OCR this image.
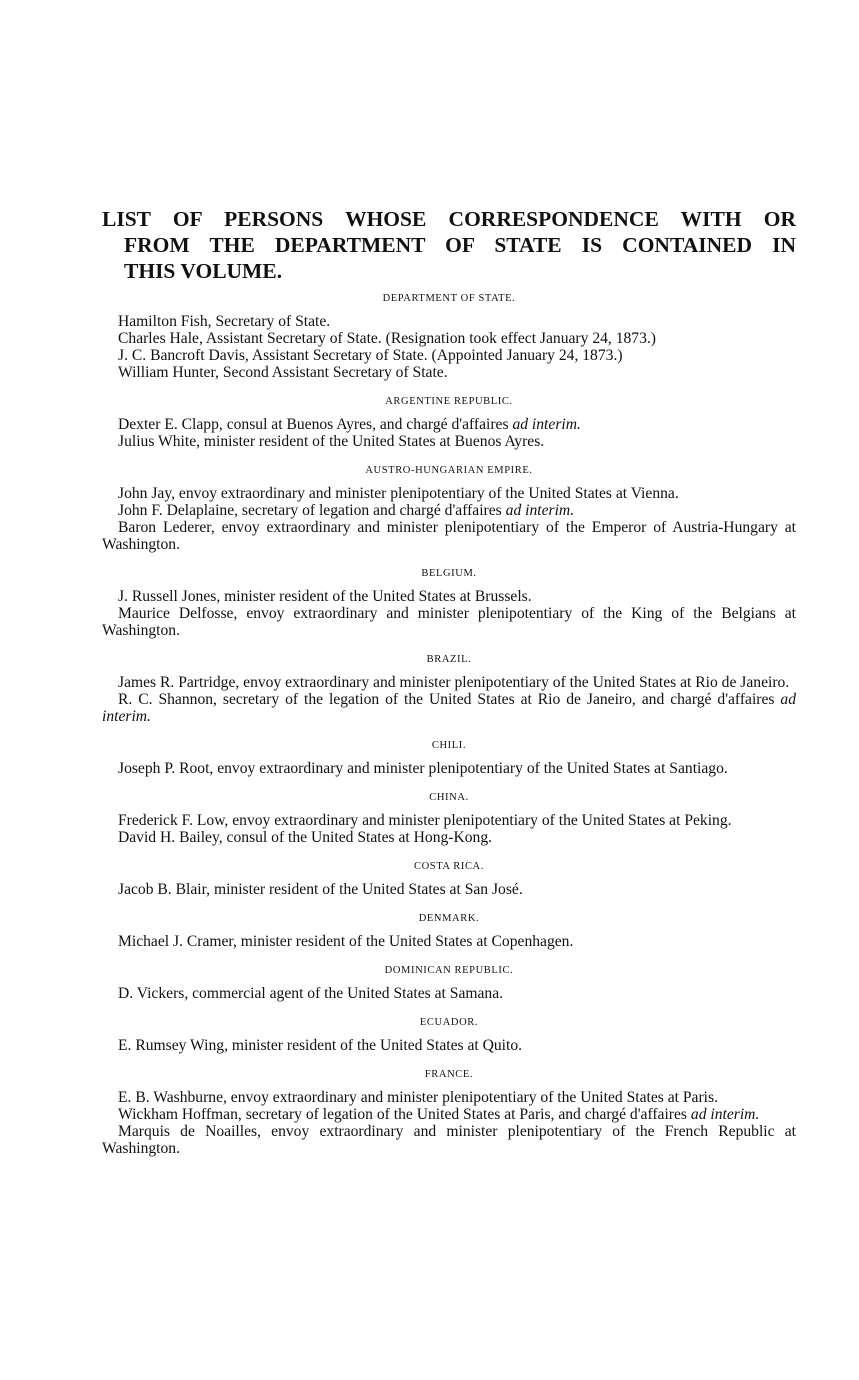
LIST OF PERSONS WHOSE CORRESPONDENCE WITH OR
FROM THE DEPARTMENT OF STATE IS CONTAINED IN
THIS VOLUME.
DEPARTMENT OF STATE.

Hamilton Fish, Secretary of State.

Charles Hale, Assistant Secretary of State. (Resignation took effect January 24, 1873.)

J. C. Bancroft Davis, Assistant Secretary of State. (Appointed January 24, 1873.)

William Hunter, Second Assistant Secretary of State.

ARGENTINE REPUBLIC.

Dexter E. Clapp, consul at Buenos Ayres, and chargé d'affaires ad interim.

Julius White, minister resident of the United States at Buenos Ayres.

AUSTRO-HUNGARIAN EMPIRE.

John Jay, envoy extraordinary and minister plenipotentiary of the United States at Vienna.

John F. Delaplaine, secretary of legation and chargé d'affaires ad interim.

Baron Lederer, envoy extraordinary and minister plenipotentiary of the Emperor of Austria-Hungary at Washington.

BELGIUM.

J. Russell Jones, minister resident of the United States at Brussels.

Maurice Delfosse, envoy extraordinary and minister plenipotentiary of the King of the Belgians at Washington.

BRAZIL.

James R. Partridge, envoy extraordinary and minister plenipotentiary of the United States at Rio de Janeiro.

R. C. Shannon, secretary of the legation of the United States at Rio de Janeiro, and chargé d'affaires ad interim.

CHILI.

Joseph P. Root, envoy extraordinary and minister plenipotentiary of the United States at Santiago.

CHINA.

Frederick F. Low, envoy extraordinary and minister plenipotentiary of the United States at Peking.

David H. Bailey, consul of the United States at Hong-Kong.

COSTA RICA.

Jacob B. Blair, minister resident of the United States at San José.

DENMARK.

Michael J. Cramer, minister resident of the United States at Copenhagen.

DOMINICAN REPUBLIC.

D. Vickers, commercial agent of the United States at Samana.

ECUADOR.

E. Rumsey Wing, minister resident of the United States at Quito.

FRANCE.

E. B. Washburne, envoy extraordinary and minister plenipotentiary of the United States at Paris.

Wickham Hoffman, secretary of legation of the United States at Paris, and chargé d'affaires ad interim.

Marquis de Noailles, envoy extraordinary and minister plenipotentiary of the French Republic at Washington.
